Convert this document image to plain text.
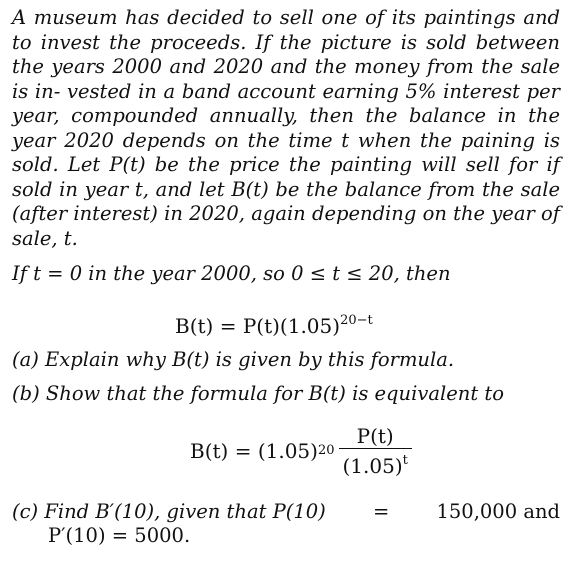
A museum has decided to sell one of its paintings and to invest the proceeds. If the picture is sold between the years 2000 and 2020 and the money from the sale is in- vested in a band account earning 5% interest per year, compounded annually, then the balance in the year 2020 depends on the time t when the paining is sold. Let P(t) be the price the painting will sell for if sold in year t, and let B(t) be the balance from the sale (after interest) in 2020, again depending on the year of sale, t.

If t = 0 in the year 2000, so 0 ≤ t ≤ 20, then

$B(t) = P(t)(1.05)^{20-t}$

(a) Explain why B(t) is given by this formula.

(b) Show that the formula for B(t) is equivalent to

B(t) = (1.05) $20 \frac{P(t)}{(1.05)^t}$
(c) Find B′(10), given that P(10) = 150,000 and
P′(10) = 5000.
